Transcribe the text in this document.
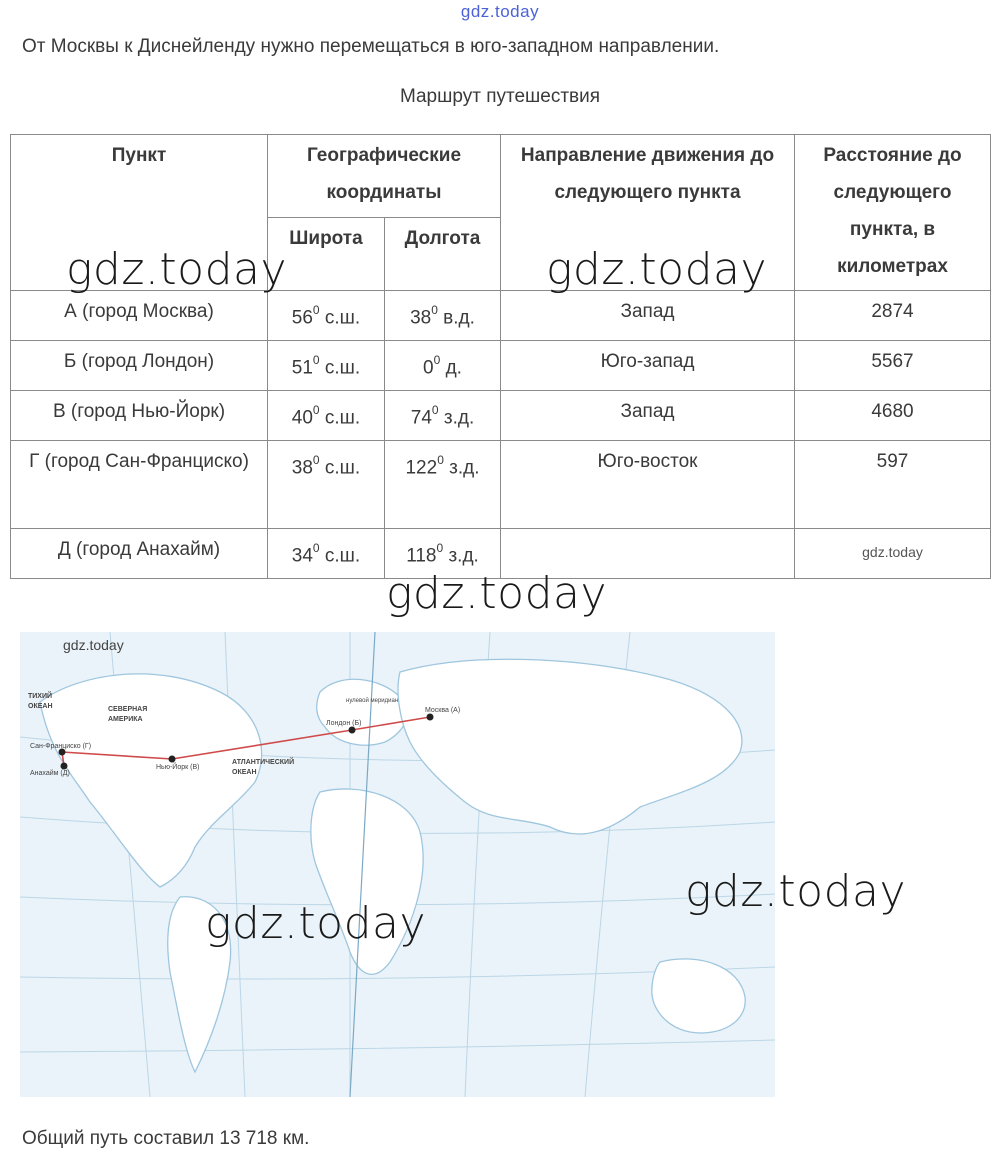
gdz.today
От Москвы к Диснейленду нужно перемещаться в юго-западном направлении.
Маршрут путешествия
Пункт	Географические координаты		Направление движения до следующего пункта	Расстояние до следующего пункта, в километрах
	Широта	Долгота		
А (город Москва)	$56^0$ с.ш.	$38^0$ в.д.	Запад	2874
Б (город Лондон)	$51^0$ с.ш.	$0^0$ д.	Юго-запад	5567
В (город Нью-Йорк)	$40^0$ с.ш.	$74^0$ з.д.	Запад	4680
Г (город Сан-Франциско)	$38^0$ с.ш.	$122^0$ з.д.	Юго-восток	597
Д (город Анахайм)	$34^0$ с.ш.	$118^0$ з.д.		gdz.today
gdz.today	gdz.today
gdz.today
ТИХИЙ
ОКЕАН	СЕВЕРНАЯ
АМЕРИКА
АТЛАНТИЧЕСКИЙ
ОКЕАН
нулевой меридиан
Москва (А)
Лондон (Б)
Нью-Йорк (В)
Сан-Франциско (Г)
Анахайм (Д)
gdz.today
gdz.today
gdz.today
Общий путь составил 13 718 км.
